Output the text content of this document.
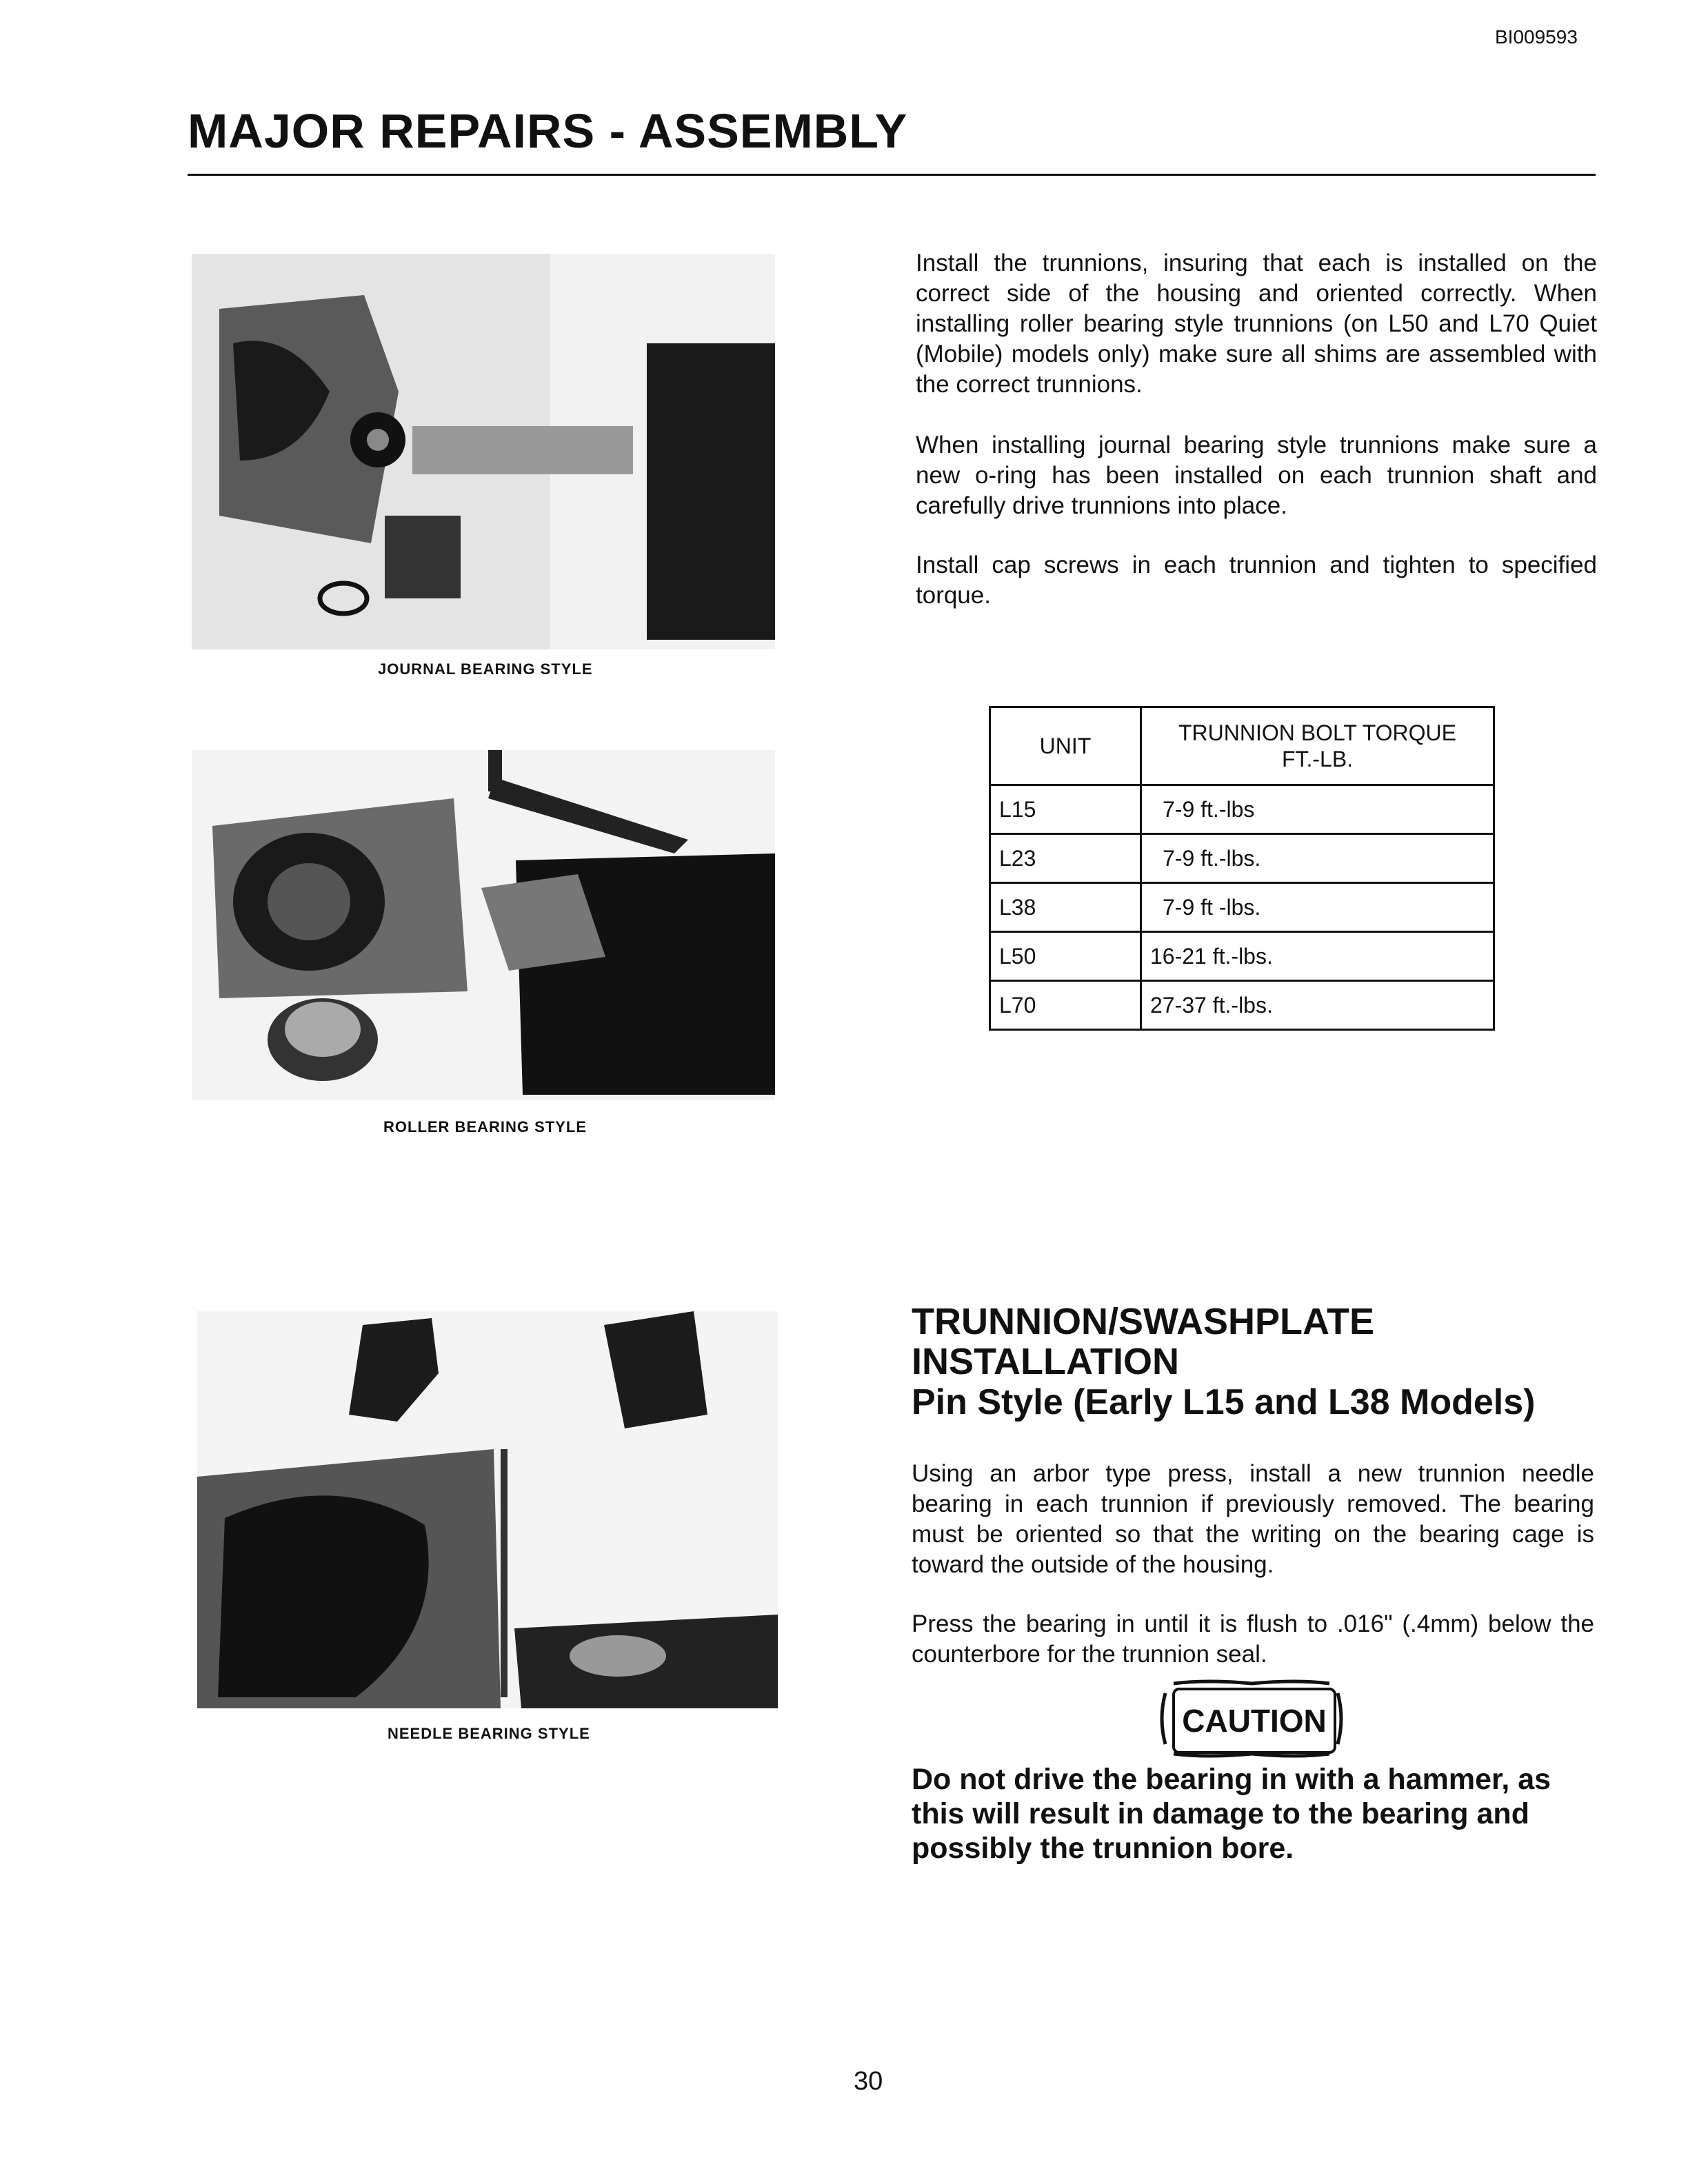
BI009593
MAJOR REPAIRS - ASSEMBLY
JOURNAL BEARING STYLE
ROLLER BEARING STYLE
NEEDLE BEARING STYLE

Install the trunnions, insuring that each is installed on the correct side of the housing and oriented correctly. When installing roller bearing style trunnions (on L50 and L70 Quiet (Mobile) models only) make sure all shims are assembled with the correct trunnions.

When installing journal bearing style trunnions make sure a new o-ring has been installed on each trunnion shaft and carefully drive trunnions into place.

Install cap screws in each trunnion and tighten to specified torque.

UNIT	TRUNNION BOLT TORQUE
FT.-LB.
L15	7-9 ft.-lbs
L23	7-9 ft.-lbs.
L38	7-9 ft -lbs.
L50	16-21 ft.-lbs.
L70	27-37 ft.-lbs.
TRUNNION/SWASHPLATE
INSTALLATION
Pin Style (Early L15 and L38 Models)

Using an arbor type press, install a new trunnion needle bearing in each trunnion if previously removed. The bearing must be oriented so that the writing on the bearing cage is toward the outside of the housing.

Press the bearing in until it is flush to .016" (.4mm) below the counterbore for the trunnion seal.

CAUTION

Do not drive the bearing in with a hammer, as this will result in damage to the bearing and possibly the trunnion bore.

30
